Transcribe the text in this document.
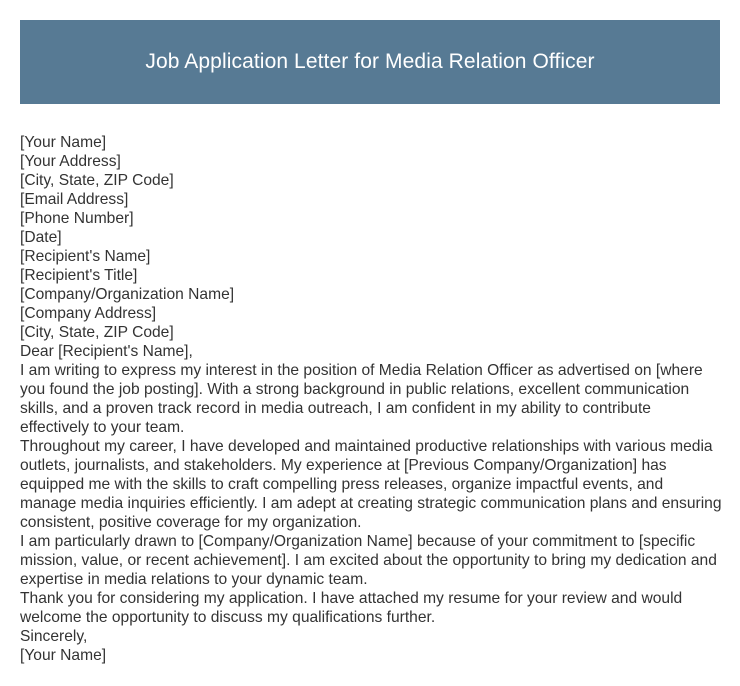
Job Application Letter for Media Relation Officer

[Your Name]

[Your Address]

[City, State, ZIP Code]

[Email Address]

[Phone Number]

[Date]

[Recipient's Name]

[Recipient's Title]

[Company/Organization Name]

[Company Address]

[City, State, ZIP Code]

Dear [Recipient's Name],

I am writing to express my interest in the position of Media Relation Officer as advertised on [where you found the job posting]. With a strong background in public relations, excellent communication skills, and a proven track record in media outreach, I am confident in my ability to contribute effectively to your team.

Throughout my career, I have developed and maintained productive relationships with various media outlets, journalists, and stakeholders. My experience at [Previous Company/Organization] has equipped me with the skills to craft compelling press releases, organize impactful events, and manage media inquiries efficiently. I am adept at creating strategic communication plans and ensuring consistent, positive coverage for my organization.

I am particularly drawn to [Company/Organization Name] because of your commitment to [specific mission, value, or recent achievement]. I am excited about the opportunity to bring my dedication and expertise in media relations to your dynamic team.

Thank you for considering my application. I have attached my resume for your review and would welcome the opportunity to discuss my qualifications further.

Sincerely,

[Your Name]
